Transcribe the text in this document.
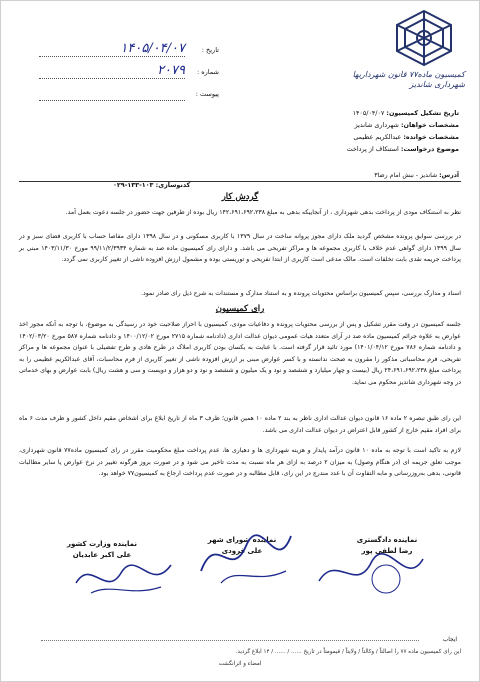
تاریخ :
۱۴۰۵/۰۴/۰۷
شماره :
۲۰۷۹
پیوست :
کمیسیون ماده۷۷ قانون شهرداریها
شهرداری شاندیز
تاریخ تشکیل کمیسیون: ۱۴۰۵/۰۴/۰۷
مشخصات خواهان: شهرداری شاندیز
مشخصات خوانده: عبدالکریم عظیمی
موضوع درخواست: استنکاف از پرداخت
آدرس: شاندیز - نبش امام رضا۳
کدنوسازی: ۱۰۳-۱۳۳-۰۲۹
گردش کار
نظر به استنکاف مودی از پرداخت بدهی شهرداری ، از آنجاییکه بدهی به مبلغ ۱۴۲،۶۹۱،۶۹۲،۲۳۸ ریال بوده از طرفین جهت حضور در جلسه دعوت بعمل آمد.
در بررسی سوابق پرونده مشخص گردید ملک دارای مجوز پروانه ساخت در سال ۱۳۷۹ با کاربری مسکونی و در سال ۱۳۹۸ دارای مفاصا حساب با کاربری فضای سبز و در سال ۱۳۹۹ دارای گواهی عدم خلاف با کاربری مجموعه ها و مراکز تفریحی می باشد. و دارای رای کمیسیون ماده صد به شماره ۹۹/۱۱/۲/۳۹۳۴ مورخ ۱۴۰۳/۱۱/۳۰ مبنی بر پرداخت جریمه نقدی بابت تخلفات است. مالک مدعی است کاربری از ابتدا تفریحی و توریستی بوده و مشمول ارزش افزوده ناشی از تغییر کاربری نمی گردد.
اسناد و مدارک بررسی، سپس کمیسیون براساس محتویات پرونده و به استناد مدارک و مستندات به شرح ذیل رای صادر نمود.
رای کمیسیون
جلسه کمیسیون در وقت مقرر تشکیل و پس از بررسی محتویات پرونده و دفاعیات مودی، کمیسیون با احراز صلاحیت خود در رسیدگی به موضوع، با توجه به آنکه مجوز اخذ عوارض به علاوه جرائم کمیسیون ماده صد در آرای متعدد هیات عمومی دیوان عدالت اداری (دادنامه شماره ۲۷۱۵ مورخ ۱۴۰۰/۱۲/۰۲ و دادنامه شماره ۵۸۷ مورخ ۱۴۰۲/۰۳/۲۰ و دادنامه شماره ۷۸۶ مورخ ۱۴۰۱/۰۴/۱۲) مورد تائید قرار گرفته است. با عنایت به یکسان بودن کاربری املاک در طرح هادی و طرح تفضیلی با عنوان مجموعه ها و مراکز تفریحی، فرم محاسباتی مذکور را مقرون به صحت ندانسته و با کسر عوارض مبنی بر ارزش افزوده ناشی از تغییر کاربری از فرم محاسبات، آقای عبدالکریم عظیمی را به پرداخت مبلغ ۲۴،۶۹۱،۶۹۲،۲۳۸ ریال (بیست و چهار میلیارد و ششصد و نود و یک میلیون و ششصد و نود و دو هزار و دویست و سی و هشت ریال) بابت عوارض و بهای خدماتی در وجه شهرداری شاندیز محکوم می نماید.
این رای طبق تبصره ۲ ماده ۱۶ قانون دیوان عدالت اداری ناظر به بند ۲ ماده ۱۰ همین قانون؛ ظرف ۳ ماه از تاریخ ابلاغ برای اشخاص مقیم داخل کشور و ظرف مدت ۶ ماه برای افراد مقیم خارج از کشور قابل اعتراض در دیوان عدالت اداری می باشد.
لازم به تاکید است با توجه به ماده ۱۰ قانون درآمد پایدار و هزینه شهرداری ها و دهیاری ها، عدم پرداخت مبلغ محکومیت مقرر در رای کمیسیون ماده۷۷ قانون شهرداری، موجب تعلق جریمه ای (در هنگام وصول) به میزان ۲ درصد به ازای هر ماه نسبت به مدت تاخیر می شود و در صورت بروز هرگونه تغییر در نرخ عوارض یا سایر مطالبات قانونی، بدهی بەروزرسانی و مابه التفاوت آن با عدد مندرج در این رای، قابل مطالبه و در صورت عدم پرداخت ارجاع به کمیسیون۷۷ خواهد بود.
نماینده وزارت کشور
علی اکبر عابدیان
نماینده شورای شهر
علی فرودی
نماینده دادگستری
رضا لطفی پور
ایجاب
این رای کمیسیون ماده ۷۷ را اصالتاً / وکالتاً / ولایتاً / قیمومتاً در تاریخ ...... / ...... / ۱۴ ابلاغ گردید.
امضاء و اثرانگشت
